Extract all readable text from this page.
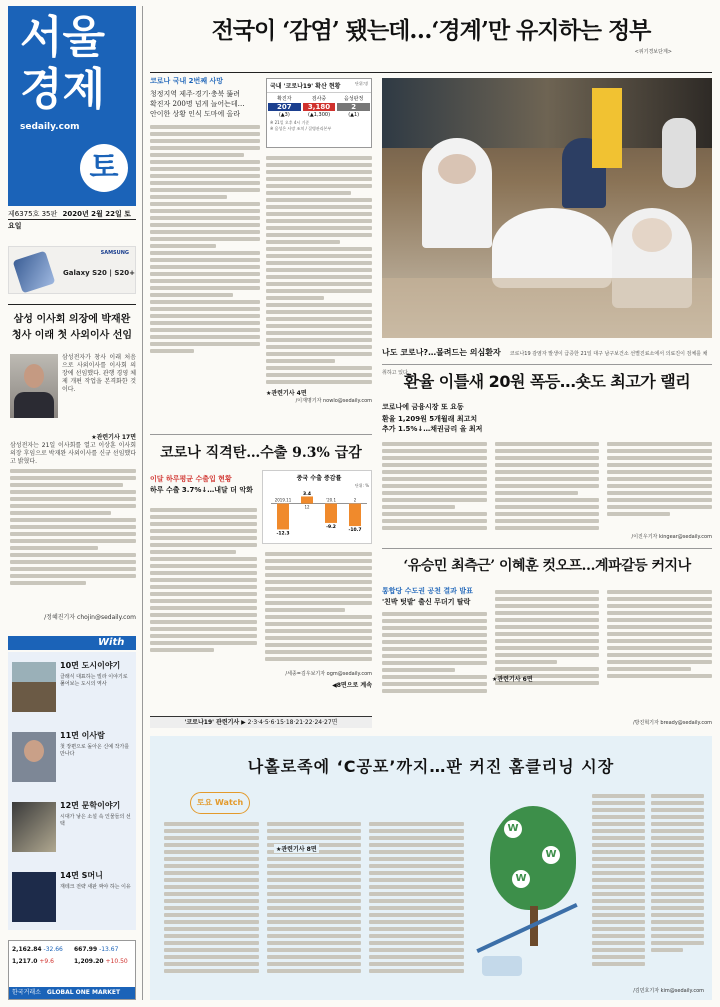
서울
경제
sedaily.com
토
제6375호 35판 2020년 2월 22일 토요일
SAMSUNG
Galaxy S20 | S20+
삼성 이사회 의장에 박재완
청사 이래 첫 사외이사 선임

삼성전자가 창사 이래 처음으로 사외이사를 이사회 의장에 선임했다. 관행 경영 체제 개편 작업을 본격화한 것이다.

★관련기사 17면

삼성전자는 21일 이사회를 열고 이상훈 이사회 의장 후임으로 박재완 사외이사를 신규 선임했다고 밝혔다.

/정혜진기자 chojin@sedaily.com
With
10면 도시이야기
클래식 대표하는 빌라 이야기로 풀어보는 도시의 역사
11면 이사람
첫 장편으로 돌아온 신예 작가를 만나다
12면 문학이야기
시대가 낳은 소설 속 인물들의 선택
14면 S머니
재테크 전략 새판 짜야 하는 이유
2,162.84 -32.66 667.99 -13.67
1,217.0 +9.6	1,209.20 +10.50
한국거래소 GLOBAL ONE MARKET
전국이 ‘감염’ 됐는데…‘경계’만 유지하는 정부
<위기경보단계>
코로나 국내 2번째 사망
청정지역 제주·경기·충북 뚫려
확진자 200명 넘게 늘어는데…
안이한 상황 인식 도마에 올라
국내 '코로나19' 확산 현황	단위:명
확진자	검사중	음성판정
207	3,180	2
(▲3)	(▲1,300)	(▲1)
※ 21일 오후 4시 기준
※ 음성은 사망 조치 / 질병관리본부
★관련기사 4면
/이재명기자 nowlo@sedaily.com
나도 코로나?…몰려드는 의심환자 코로나19 감염자 발생이 급증한 21일 대구 남구보건소 선별진료소에서 의료진이 검체를 채취하고 있다.
환율 이틀새 20원 폭등…숏도 최고가 랠리
코로나에 금융시장 또 요동
환율 1,209원 5개월래 최고치
추가 1.5%↓…채권금리 올 최저
/이진우기자 kingear@sedaily.com
코로나 직격탄…수출 9.3% 급감
이달 하루평균 수출입 현황
하루 수출 3.7%↓…내달 더 악화
중국 수출 증감률
단위: %
-12.3
2019.11
3.4
12
-9.2
'20.1
-10.7
2
/세종=김우보기자 ogm@sedaily.com
◀8면으로 계속
'코로나19' 관련기사 ▶ 2·3·4·5·6·15·18·21·22·24·27면
‘유승민 최측근’ 이혜훈 컷오프…계파갈등 커지나
통합당 수도권 공천 결과 발표
'친박 텃밭' 출신 무더기 탈락
★관련기사 6면
/방진혁기자 bready@sedaily.com
나홀로족에 ‘C공포’까지…판 커진 홈클리닝 시장
토요 Watch
★관련기사 8면
W
W
W
/김민호기자 kim@sedaily.com
